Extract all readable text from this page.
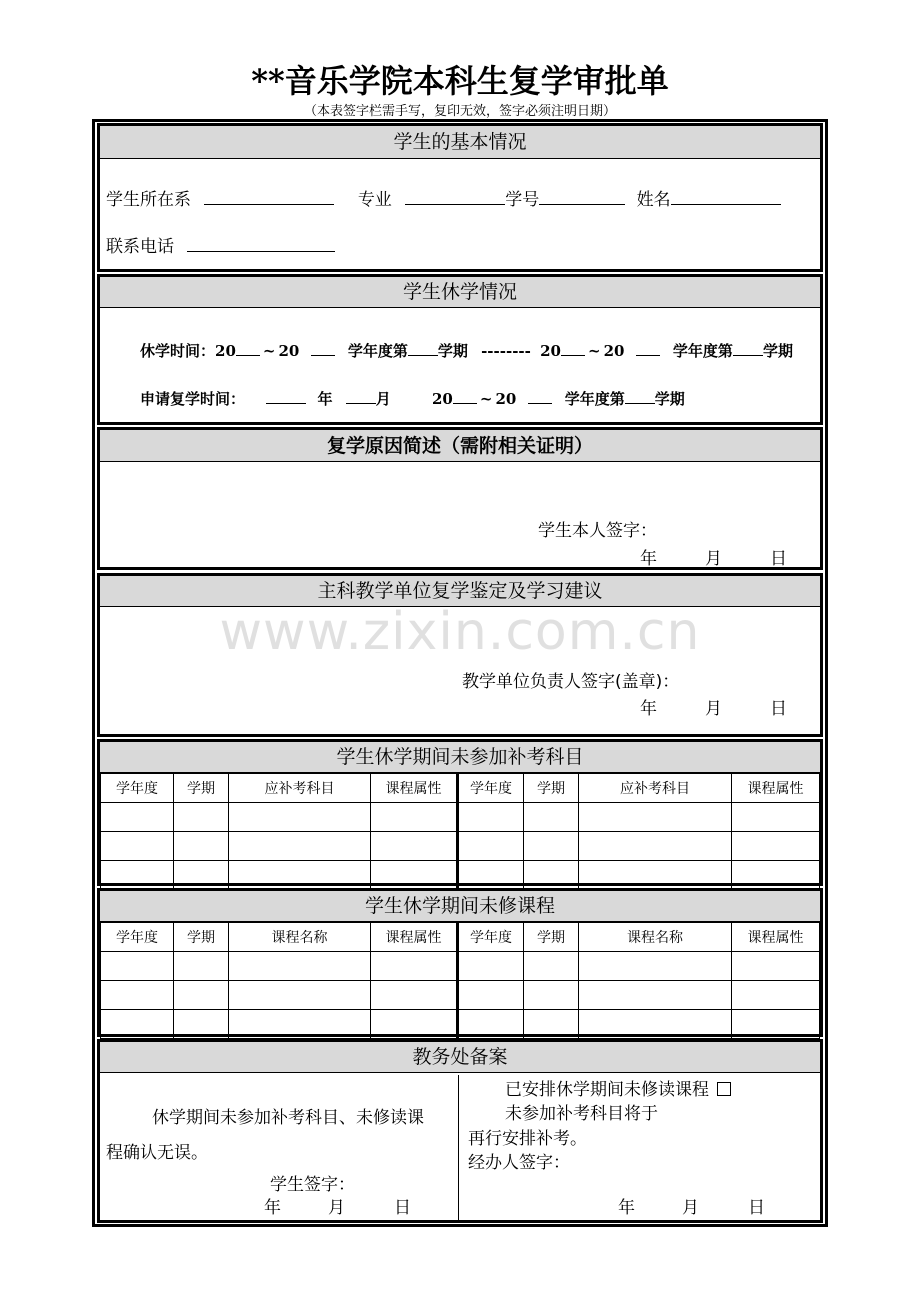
**音乐学院本科生复学审批单
（本表签字栏需手写，复印无效，签字必须注明日期）
学生的基本情况
学生所在系	专业	学号	姓名
联系电话
学生休学情况
休学时间：20 ~ 20	学年度第 学期 -------- 20 ~ 20	学年度第 学期
申请复学时间：	年	月	20 ~ 20	学年度第 学期
复学原因简述（需附相关证明）
学生本人签字：
年	月	日
主科教学单位复学鉴定及学习建议
教学单位负责人签字(盖章)：
年	月	日
www.zixin.com.cn
学生休学期间未参加补考科目
学年度	学期	应补考科目	课程属性	学年度	学期	应补考科目	课程属性

学生休学期间未修课程
学年度	学期	课程名称	课程属性	学年度	学期	课程名称	课程属性

教务处备案
休学期间未参加补考科目、未修读课
程确认无误。
学生签字：
年	月	日
已安排休学期间未修读课程
未参加补考科目将于
再行安排补考。
经办人签字：
年	月	日
